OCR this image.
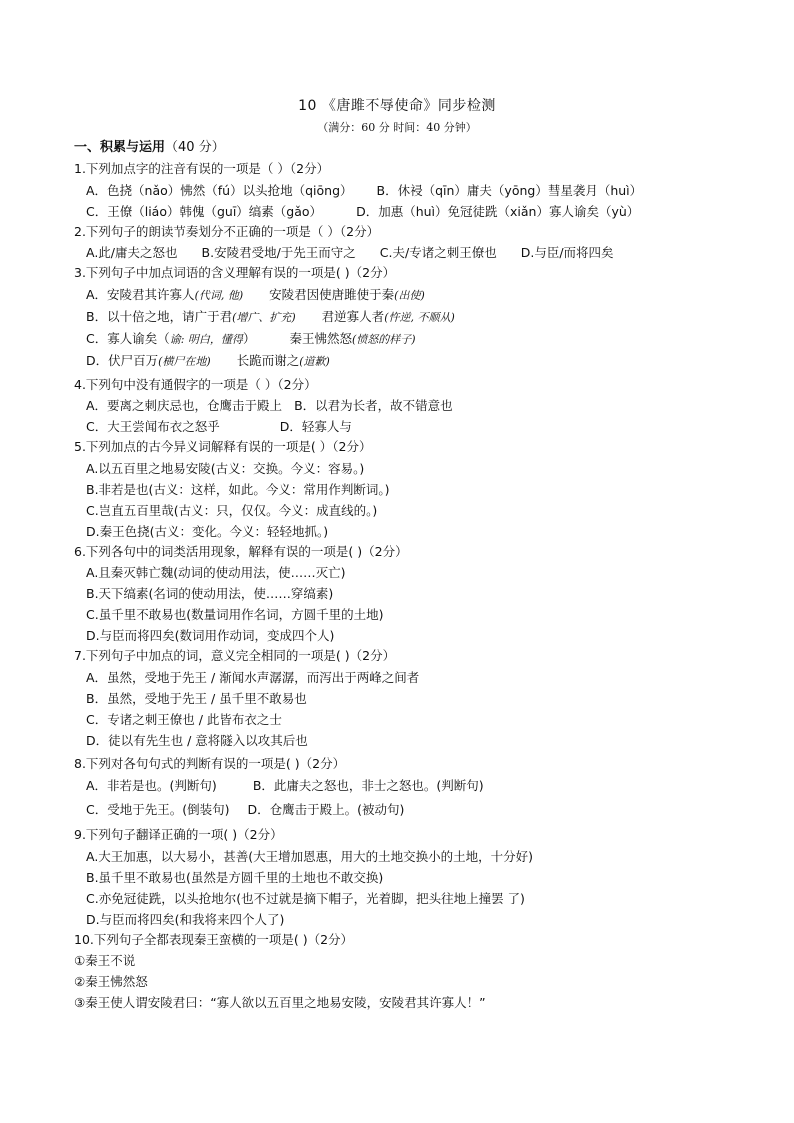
10 《唐雎不辱使命》同步检测
（满分：60 分 时间：40 分钟）
一、积累与运用（40 分）
1.下列加点字的注音有误的一项是（ ）（2分）
A．色挠（nǎo）怫然（fú）以头抢地（qiōng） B．休祲（qīn）庸夫（yōng）彗星袭月（huì）
C．王僚（liáo）韩傀（guī）缟素（gǎo）	D．加惠（huì）免冠徒跣（xiǎn）寡人谕矣（yù）
2.下列句子的朗读节奏划分不正确的一项是（ ）（2分）
A.此/庸夫之怒也 B.安陵君受地/于先王而守之 C.夫/专诸之刺王僚也 D.与臣/而将四矣
3.下列句子中加点词语的含义理解有误的一项是( )（2分）
A．安陵君其许寡人(代词, 他) 安陵君因使唐雎使于秦(出使)
B．以十倍之地，请广于君(增广、扩充) 君逆寡人者(忤逆, 不顺从)
C．寡人谕矣（谕: 明白，懂得）	秦王怫然怒(愤怒的样子)
D．伏尸百万(横尸在地) 长跪而谢之(道歉)
4.下列句中没有通假字的一项是（ ）（2分）
A．要离之刺庆忌也，仓鹰击于殿上 B．以君为长者，故不错意也
C．大王尝闻布衣之怒乎	D．轻寡人与
5.下列加点的古今异义词解释有误的一项是( ）（2分）
A.以五百里之地易安陵(古义：交换。今义：容易。)
B.非若是也(古义：这样，如此。今义：常用作判断词。)
C.岂直五百里哉(古义：只，仅仅。今义：成直线的。)
D.秦王色挠(古义：变化。今义：轻轻地抓。)
6.下列各句中的词类活用现象，解释有误的一项是( )（2分）
A.且秦灭韩亡魏(动词的使动用法，使……灭亡)
B.天下缟素(名词的使动用法，使……穿缟素)
C.虽千里不敢易也(数量词用作名词，方圆千里的土地)
D.与臣而将四矣(数词用作动词，变成四个人)
7.下列句子中加点的词，意义完全相同的一项是( )（2分）
A．虽然，受地于先王 / 渐闻水声潺潺，而泻出于两峰之间者
B．虽然，受地于先王 / 虽千里不敢易也
C．专诸之刺王僚也 / 此皆布衣之士
D．徒以有先生也 / 意将隧入以攻其后也
8.下列对各句句式的判断有误的一项是( )（2分）
A．非若是也。(判断句)	B．此庸夫之怒也，非士之怒也。(判断句)
C．受地于先王。(倒装句) D．仓鹰击于殿上。(被动句)
9.下列句子翻译正确的一项( )（2分）
A.大王加惠，以大易小，甚善(大王增加恩惠，用大的土地交换小的土地，十分好)
B.虽千里不敢易也(虽然是方圆千里的土地也不敢交换)
C.亦免冠徒跣，以头抢地尔(也不过就是摘下帽子，光着脚，把头往地上撞罢 了)
D.与臣而将四矣(和我将来四个人了)
10.下列句子全都表现秦王蛮横的一项是( )（2分）
①秦王不说
②秦王怫然怒
③秦王使人谓安陵君曰：“寡人欲以五百里之地易安陵，安陵君其许寡人！”
